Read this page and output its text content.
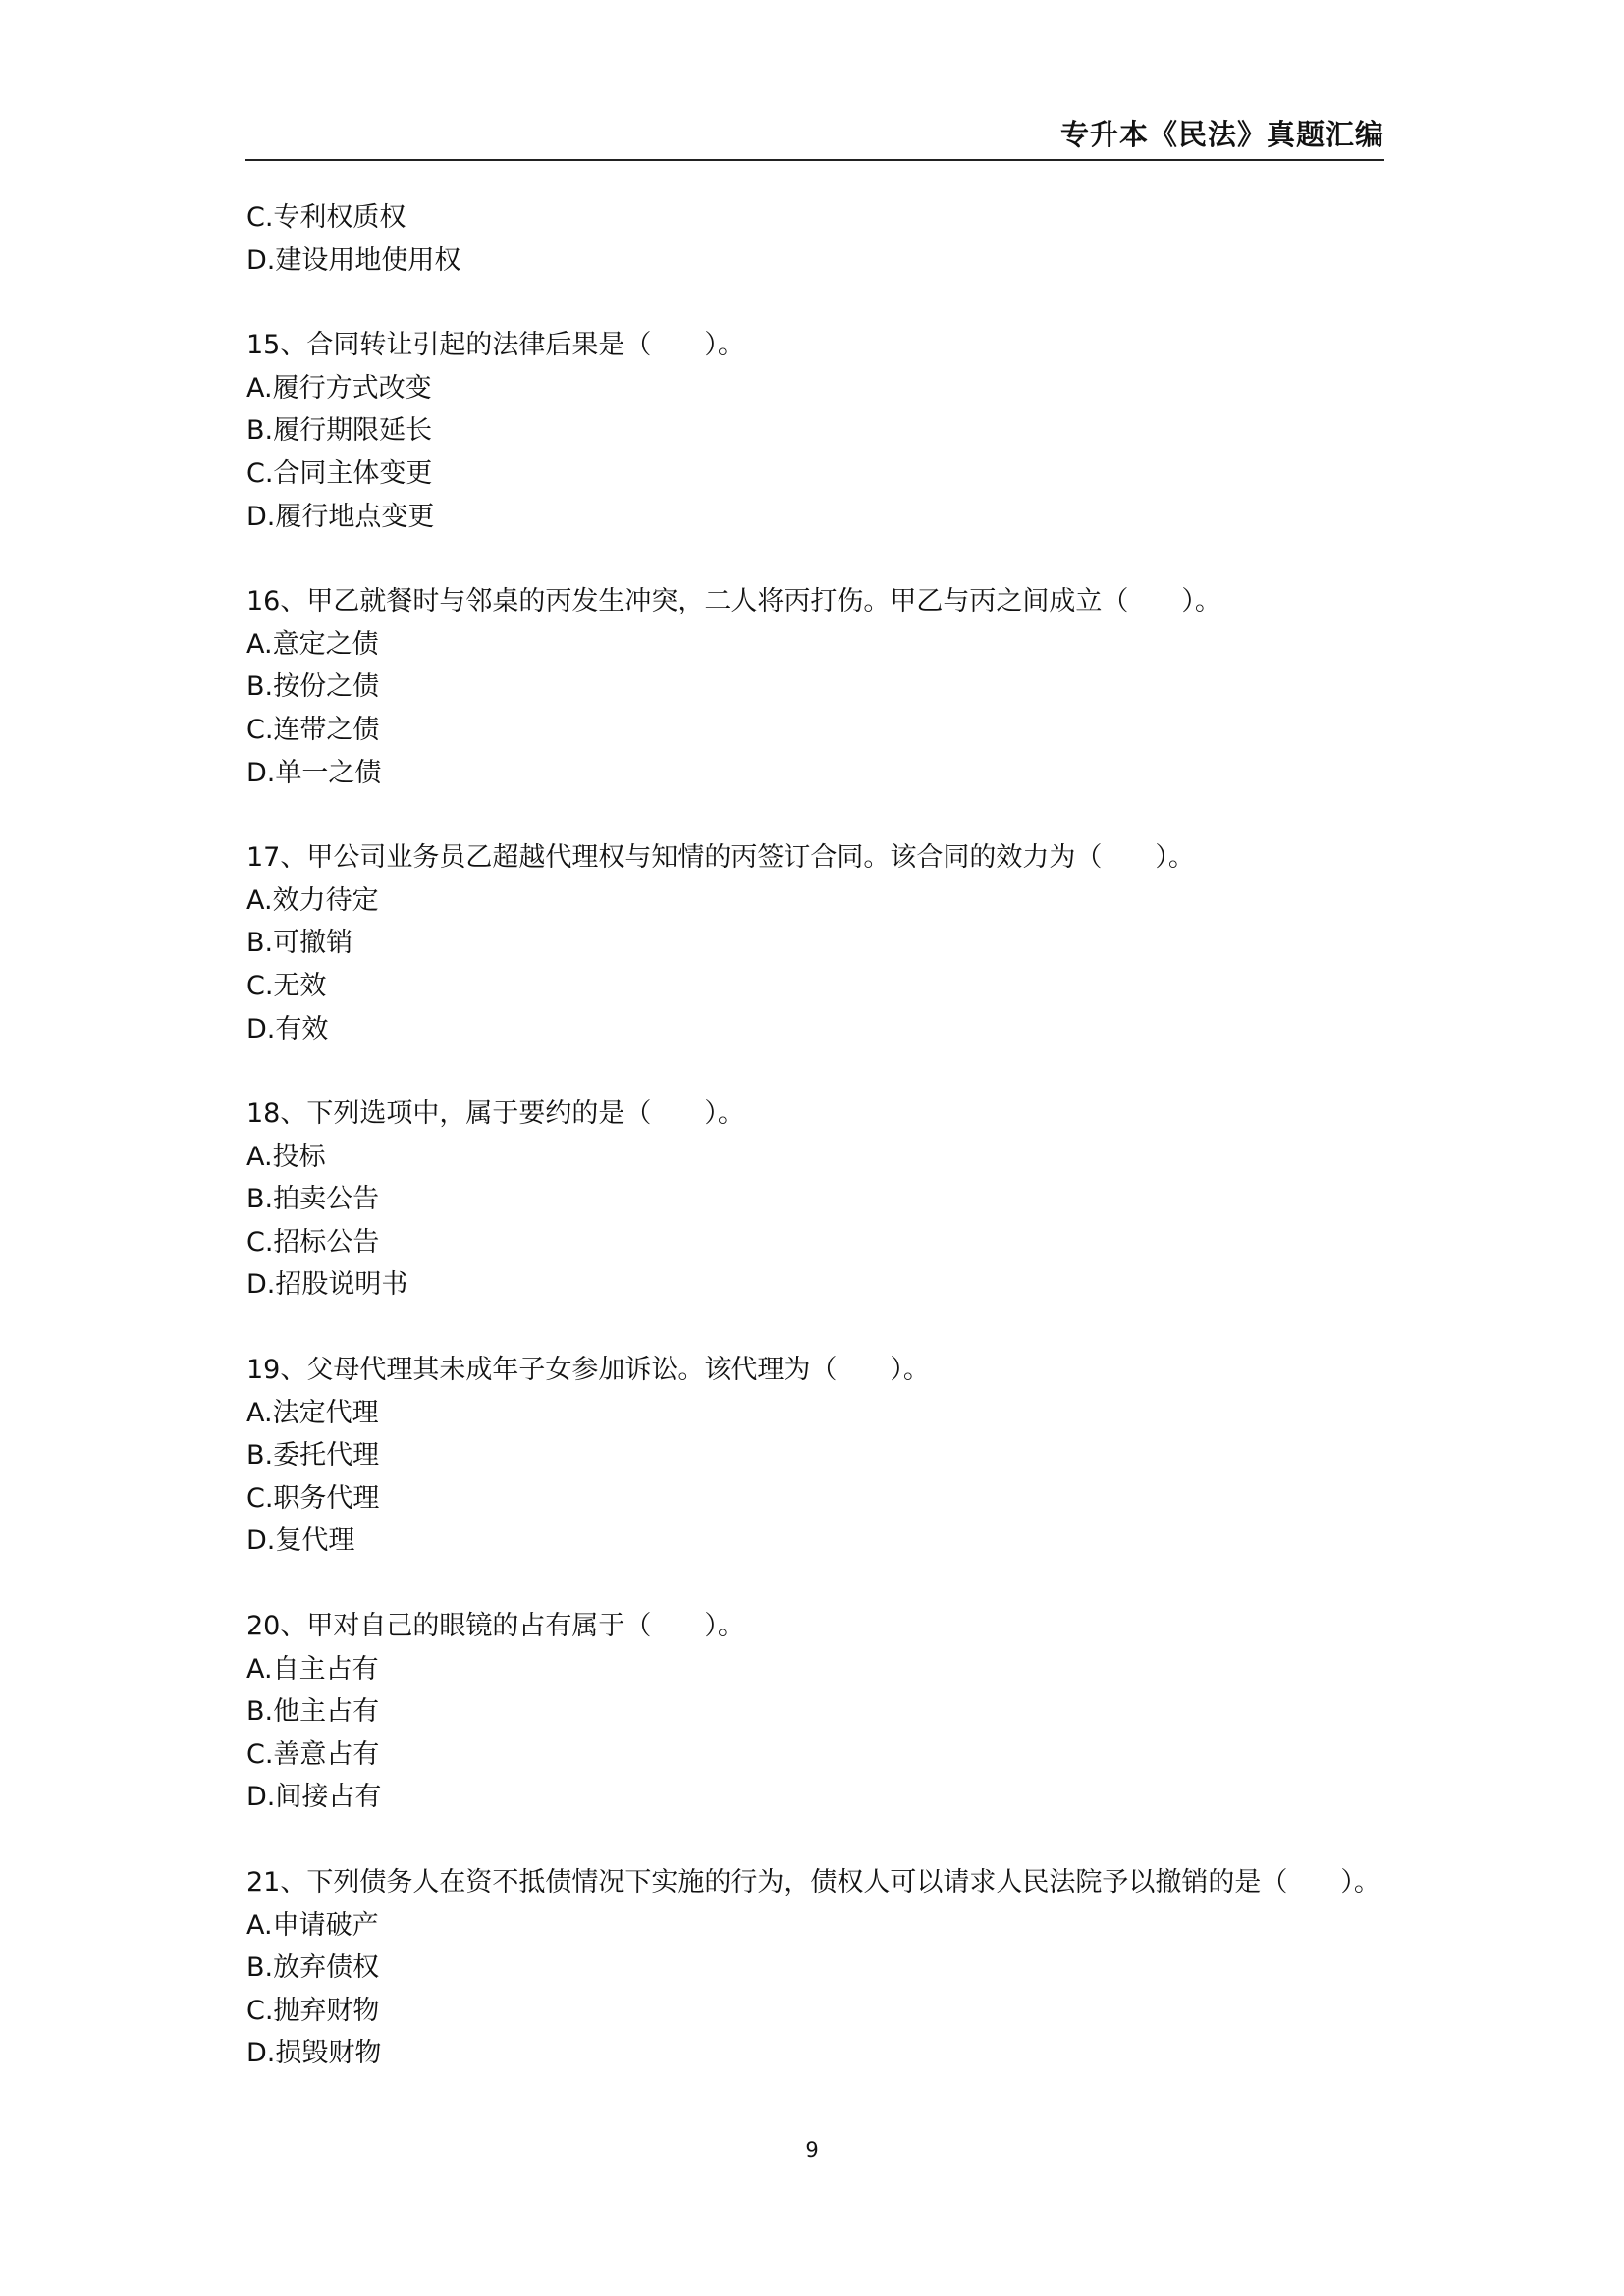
专升本《民法》真题汇编
C.专利权质权
D.建设用地使用权
15、合同转让引起的法律后果是（　　）。
A.履行方式改变
B.履行期限延长
C.合同主体变更
D.履行地点变更
16、甲乙就餐时与邻桌的丙发生冲突，二人将丙打伤。甲乙与丙之间成立（　　）。
A.意定之债
B.按份之债
C.连带之债
D.单一之债
17、甲公司业务员乙超越代理权与知情的丙签订合同。该合同的效力为（　　）。
A.效力待定
B.可撤销
C.无效
D.有效
18、下列选项中，属于要约的是（　　）。
A.投标
B.拍卖公告
C.招标公告
D.招股说明书
19、父母代理其未成年子女参加诉讼。该代理为（　　）。
A.法定代理
B.委托代理
C.职务代理
D.复代理
20、甲对自己的眼镜的占有属于（　　）。
A.自主占有
B.他主占有
C.善意占有
D.间接占有
21、下列债务人在资不抵债情况下实施的行为，债权人可以请求人民法院予以撤销的是（　　）。
A.申请破产
B.放弃债权
C.抛弃财物
D.损毁财物
9
